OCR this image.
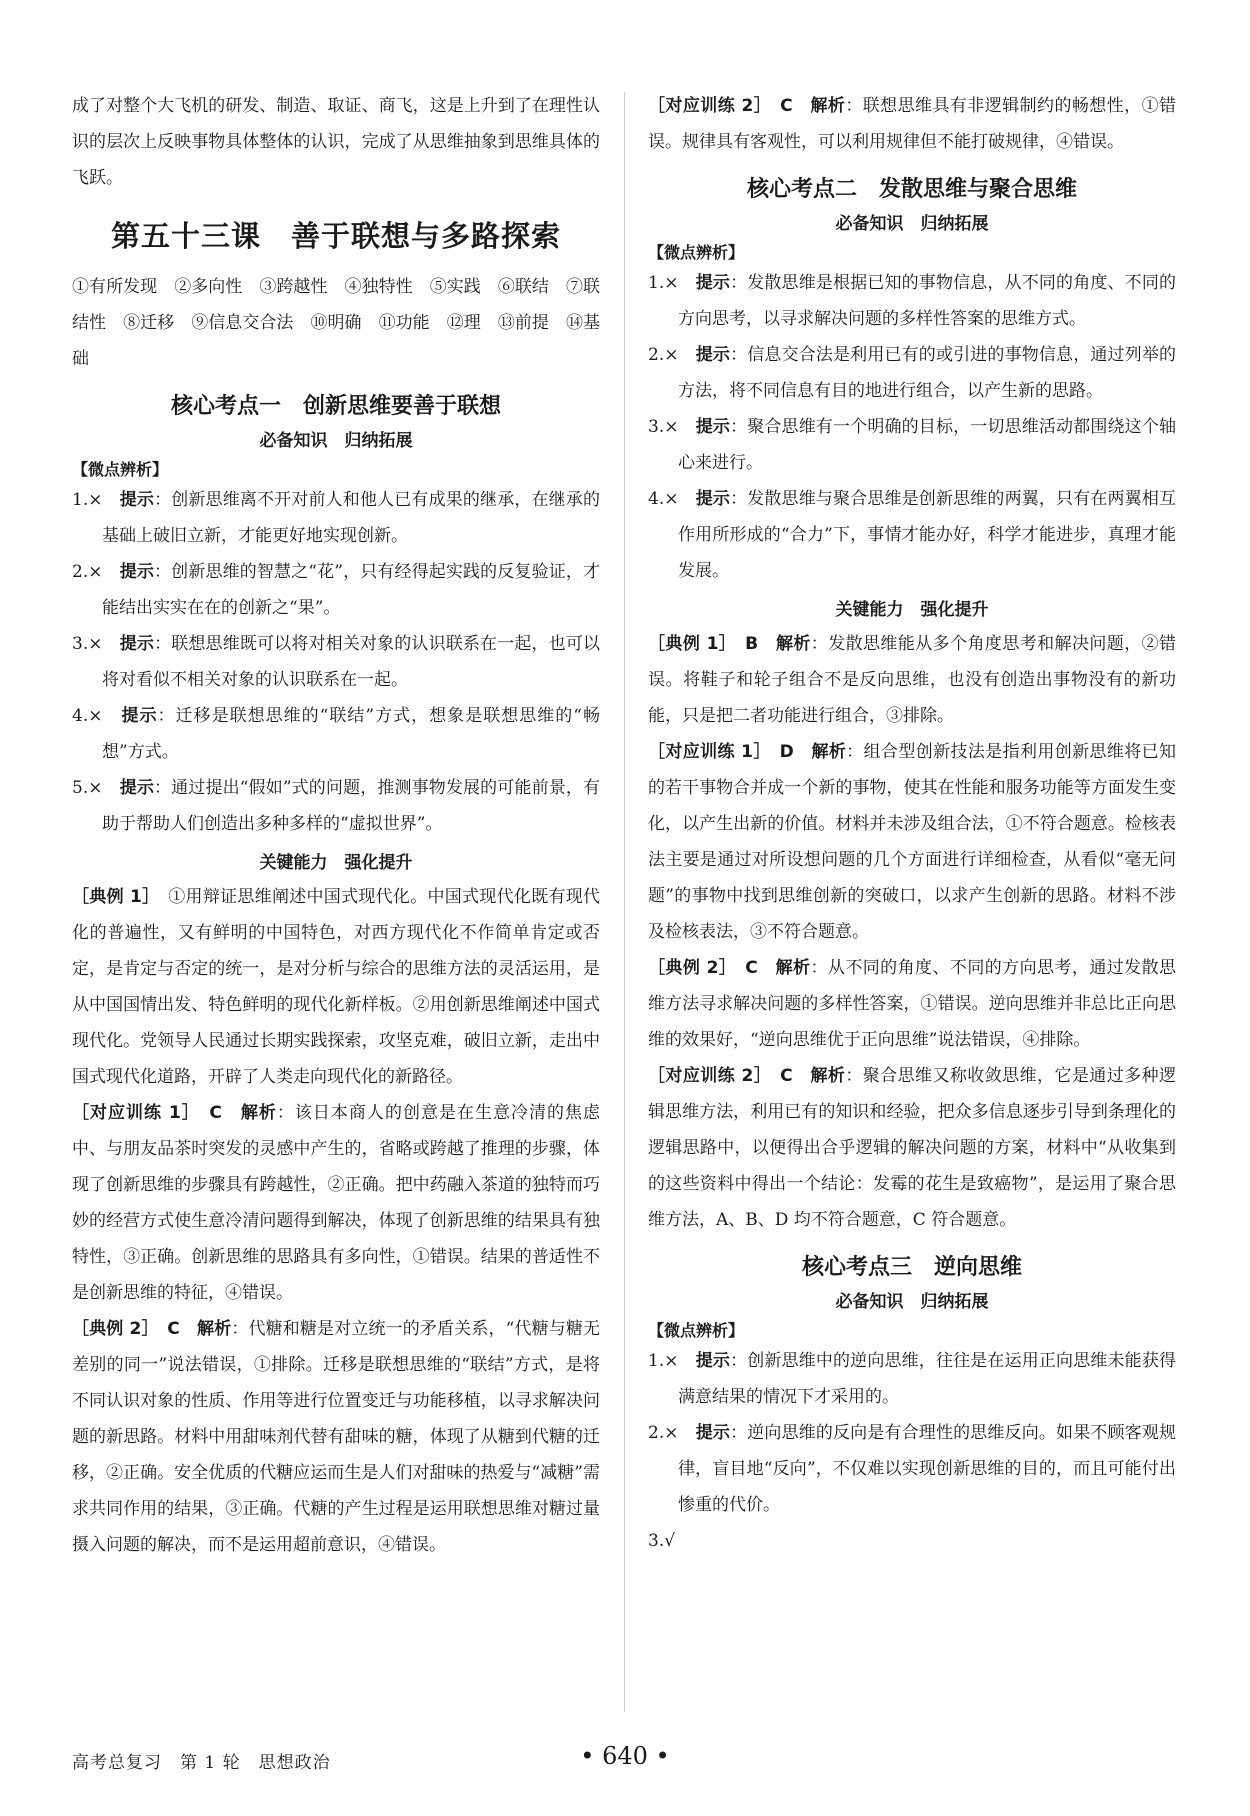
成了对整个大飞机的研发、制造、取证、商飞，这是上升到了在理性认识的层次上反映事物具体整体的认识，完成了从思维抽象到思维具体的飞跃。

第五十三课　善于联想与多路探索

①有所发现　②多向性　③跨越性　④独特性　⑤实践　⑥联结　⑦联结性　⑧迁移　⑨信息交合法　⑩明确　⑪功能　⑫理　⑬前提　⑭基础

核心考点一　创新思维要善于联想
必备知识　归纳拓展
【微点辨析】

1.×　 提示：创新思维离不开对前人和他人已有成果的继承，在继承的基础上破旧立新，才能更好地实现创新。

2.×　 提示：创新思维的智慧之“花”，只有经得起实践的反复验证，才能结出实实在在的创新之“果”。

3.×　 提示：联想思维既可以将对相关对象的认识联系在一起，也可以将对看似不相关对象的认识联系在一起。

4.×　 提示：迁移是联想思维的“联结”方式，想象是联想思维的“畅想”方式。

5.×　 提示：通过提出“假如”式的问题，推测事物发展的可能前景，有助于帮助人们创造出多种多样的“虚拟世界”。

关键能力　强化提升

［典例 1］　 ①用辩证思维阐述中国式现代化。中国式现代化既有现代化的普遍性，又有鲜明的中国特色，对西方现代化不作简单肯定或否定，是肯定与否定的统一，是对分析与综合的思维方法的灵活运用，是从中国国情出发、特色鲜明的现代化新样板。②用创新思维阐述中国式现代化。党领导人民通过长期实践探索，攻坚克难，破旧立新，走出中国式现代化道路，开辟了人类走向现代化的新路径。

［对应训练 1］　 C　 解析：该日本商人的创意是在生意冷清的焦虑中、与朋友品茶时突发的灵感中产生的，省略或跨越了推理的步骤，体现了创新思维的步骤具有跨越性，②正确。把中药融入茶道的独特而巧妙的经营方式使生意冷清问题得到解决，体现了创新思维的结果具有独特性，③正确。创新思维的思路具有多向性，①错误。结果的普适性不是创新思维的特征，④错误。

［典例 2］　 C　 解析：代糖和糖是对立统一的矛盾关系，“代糖与糖无差别的同一”说法错误，①排除。迁移是联想思维的“联结”方式，是将不同认识对象的性质、作用等进行位置变迁与功能移植，以寻求解决问题的新思路。材料中用甜味剂代替有甜味的糖，体现了从糖到代糖的迁移，②正确。安全优质的代糖应运而生是人们对甜味的热爱与“减糖”需求共同作用的结果，③正确。代糖的产生过程是运用联想思维对糖过量摄入问题的解决，而不是运用超前意识，④错误。

［对应训练 2］　 C　 解析：联想思维具有非逻辑制约的畅想性，①错误。规律具有客观性，可以利用规律但不能打破规律，④错误。

核心考点二　发散思维与聚合思维
必备知识　归纳拓展
【微点辨析】

1.×　 提示：发散思维是根据已知的事物信息，从不同的角度、不同的方向思考，以寻求解决问题的多样性答案的思维方式。

2.×　 提示：信息交合法是利用已有的或引进的事物信息，通过列举的方法，将不同信息有目的地进行组合，以产生新的思路。

3.×　 提示：聚合思维有一个明确的目标，一切思维活动都围绕这个轴心来进行。

4.×　 提示：发散思维与聚合思维是创新思维的两翼，只有在两翼相互作用所形成的“合力”下，事情才能办好，科学才能进步，真理才能发展。

关键能力　强化提升

［典例 1］　 B　 解析：发散思维能从多个角度思考和解决问题，②错误。将鞋子和轮子组合不是反向思维，也没有创造出事物没有的新功能，只是把二者功能进行组合，③排除。

［对应训练 1］　 D　 解析：组合型创新技法是指利用创新思维将已知的若干事物合并成一个新的事物，使其在性能和服务功能等方面发生变化，以产生出新的价值。材料并未涉及组合法，①不符合题意。检核表法主要是通过对所设想问题的几个方面进行详细检查，从看似“毫无问题”的事物中找到思维创新的突破口，以求产生创新的思路。材料不涉及检核表法，③不符合题意。

［典例 2］　 C　 解析：从不同的角度、不同的方向思考，通过发散思维方法寻求解决问题的多样性答案，①错误。逆向思维并非总比正向思维的效果好，“逆向思维优于正向思维”说法错误，④排除。

［对应训练 2］　 C　 解析：聚合思维又称收敛思维，它是通过多种逻辑思维方法，利用已有的知识和经验，把众多信息逐步引导到条理化的逻辑思路中，以便得出合乎逻辑的解决问题的方案，材料中“从收集到的这些资料中得出一个结论：发霉的花生是致癌物”，是运用了聚合思维方法，A、B、D 均不符合题意，C 符合题意。

核心考点三　逆向思维
必备知识　归纳拓展
【微点辨析】

1.×　 提示：创新思维中的逆向思维，往往是在运用正向思维未能获得满意结果的情况下才采用的。

2.×　 提示：逆向思维的反向是有合理性的思维反向。如果不顾客观规律，盲目地“反向”，不仅难以实现创新思维的目的，而且可能付出惨重的代价。

3.√

高考总复习　第 1 轮　思想政治	• 640 •
